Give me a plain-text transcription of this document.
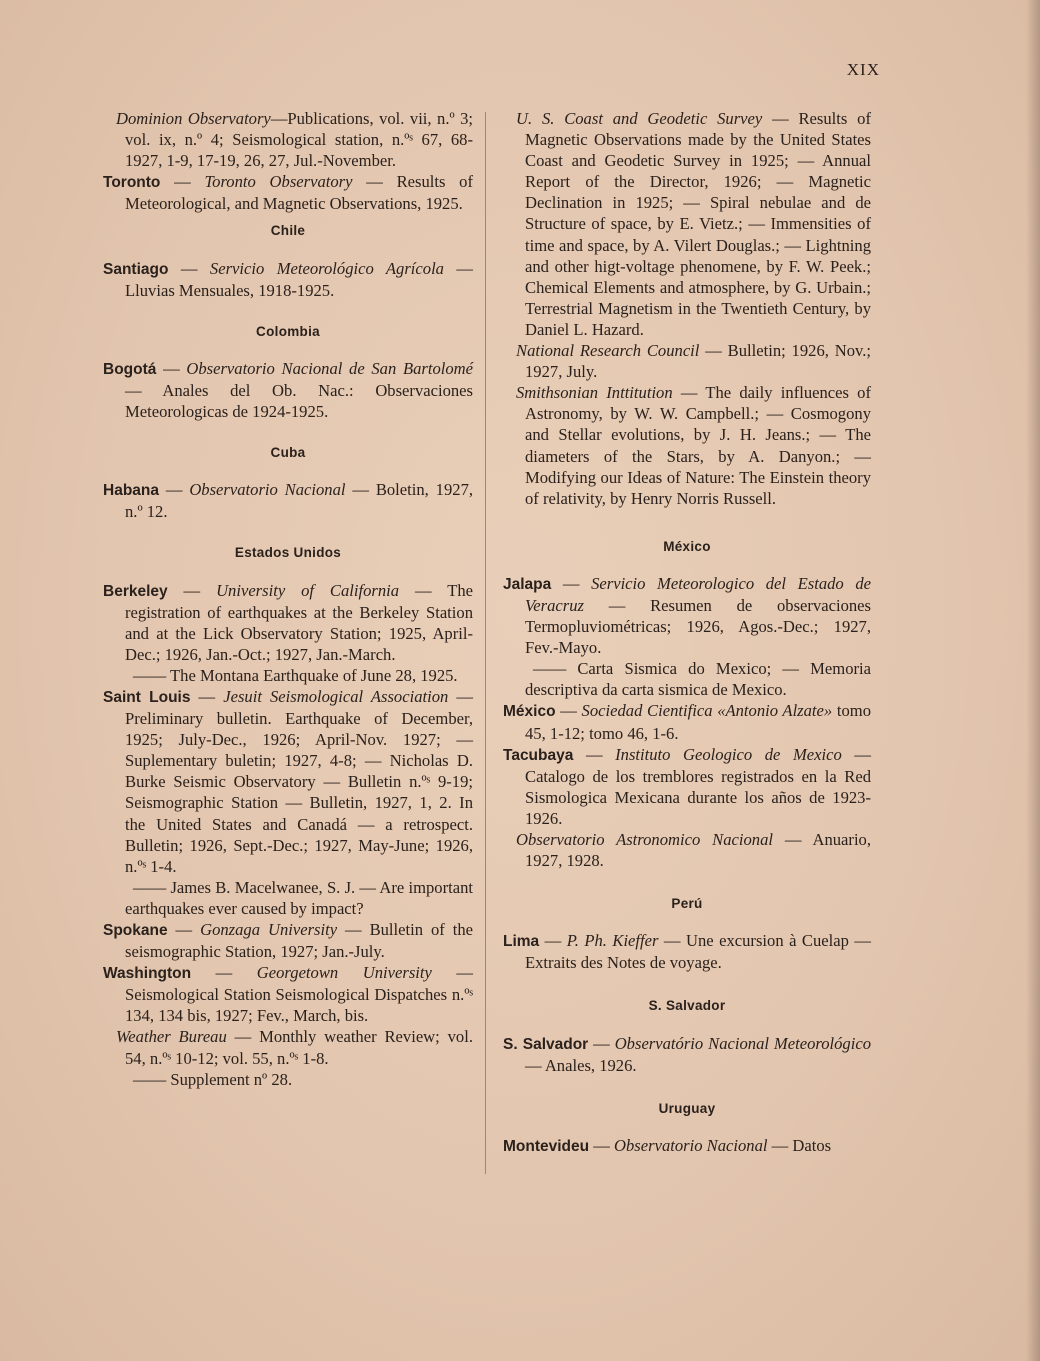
XIX

Dominion Observatory—Publications, vol. vii, n.º 3; vol. ix, n.º 4; Seismological station, n.ºˢ 67, 68-1927, 1-9, 17-19, 26, 27, Jul.-November.

Toronto — Toronto Observatory — Results of Meteorological, and Magnetic Observations, 1925.

Chile

Santiago — Servicio Meteorológico Agrícola — Lluvias Mensuales, 1918-1925.

Colombia

Bogotá — Observatorio Nacional de San Bartolomé — Anales del Ob. Nac.: Observaciones Meteorologicas de 1924-1925.

Cuba

Habana — Observatorio Nacional — Boletin, 1927, n.º 12.

Estados Unidos

Berkeley — University of California — The registration of earthquakes at the Berkeley Station and at the Lick Observatory Station; 1925, April-Dec.; 1926, Jan.-Oct.; 1927, Jan.-March.

—— The Montana Earthquake of June 28, 1925.

Saint Louis — Jesuit Seismological Association — Preliminary bulletin. Earthquake of December, 1925; July-Dec., 1926; April-Nov. 1927; — Suplementary buletin; 1927, 4-8; — Nicholas D. Burke Seismic Observatory — Bulletin n.ºˢ 9-19; Seismographic Station — Bulletin, 1927, 1, 2. In the United States and Canadá — a retrospect. Bulletin; 1926, Sept.-Dec.; 1927, May-June; 1926, n.ºˢ 1-4.

—— James B. Macelwanee, S. J. — Are important earthquakes ever caused by impact?

Spokane — Gonzaga University — Bulletin of the seismographic Station, 1927; Jan.-July.

Washington — Georgetown University — Seismological Station Seismological Dispatches n.ºˢ 134, 134 bis, 1927; Fev., March, bis.

Weather Bureau — Monthly weather Review; vol. 54, n.ºˢ 10-12; vol. 55, n.ºˢ 1-8.

—— Supplement nº 28.

U. S. Coast and Geodetic Survey — Results of Magnetic Observations made by the United States Coast and Geodetic Survey in 1925; — Annual Report of the Director, 1926; — Magnetic Declination in 1925; — Spiral nebulae and de Structure of space, by E. Vietz.; — Immensities of time and space, by A. Vilert Douglas.; — Lightning and other higt-voltage phenomene, by F. W. Peek.; Chemical Elements and atmosphere, by G. Urbain.; Terrestrial Magnetism in the Twentieth Century, by Daniel L. Hazard.

National Research Council — Bulletin; 1926, Nov.; 1927, July.

Smithsonian Inttitution — The daily influences of Astronomy, by W. W. Campbell.; — Cosmogony and Stellar evolutions, by J. H. Jeans.; — The diameters of the Stars, by A. Danyon.; — Modifying our Ideas of Nature: The Einstein theory of relativity, by Henry Norris Russell.

México

Jalapa — Servicio Meteorologico del Estado de Veracruz — Resumen de observaciones Termopluviométricas; 1926, Agos.-Dec.; 1927, Fev.-Mayo.

—— Carta Sismica do Mexico; — Memoria descriptiva da carta sismica de Mexico.

México — Sociedad Cientifica «Antonio Alzate» tomo 45, 1-12; tomo 46, 1-6.

Tacubaya — Instituto Geologico de Mexico — Catalogo de los tremblores registrados en la Red Sismologica Mexicana durante los años de 1923-1926.

Observatorio Astronomico Nacional — Anuario, 1927, 1928.

Perú

Lima — P. Ph. Kieffer — Une excursion à Cuelap — Extraits des Notes de voyage.

S. Salvador

S. Salvador — Observatório Nacional Meteorológico — Anales, 1926.

Uruguay

Montevideu — Observatorio Nacional — Datos
